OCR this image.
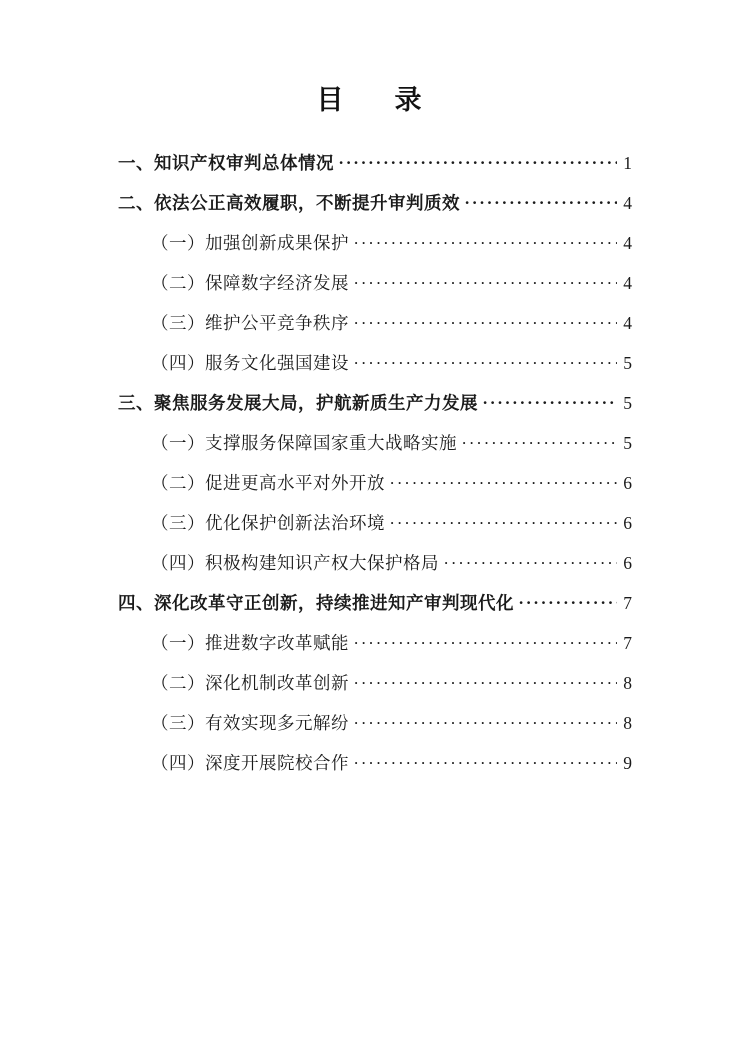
目　录
一、知识产权审判总体情况 .....	1
二、依法公正高效履职，不断提升审判质效 .....	4
（一）加强创新成果保护 .....	4
（二）保障数字经济发展 .....	4
（三）维护公平竞争秩序 .....	4
（四）服务文化强国建设 .....	5
三、聚焦服务发展大局，护航新质生产力发展 .....	5
（一）支撑服务保障国家重大战略实施 .....	5
（二）促进更高水平对外开放 .....	6
（三）优化保护创新法治环境 .....	6
（四）积极构建知识产权大保护格局 .....	6
四、深化改革守正创新，持续推进知产审判现代化 .....	7
（一）推进数字改革赋能 .....	7
（二）深化机制改革创新 .....	8
（三）有效实现多元解纷 .....	8
（四）深度开展院校合作 .....	9
